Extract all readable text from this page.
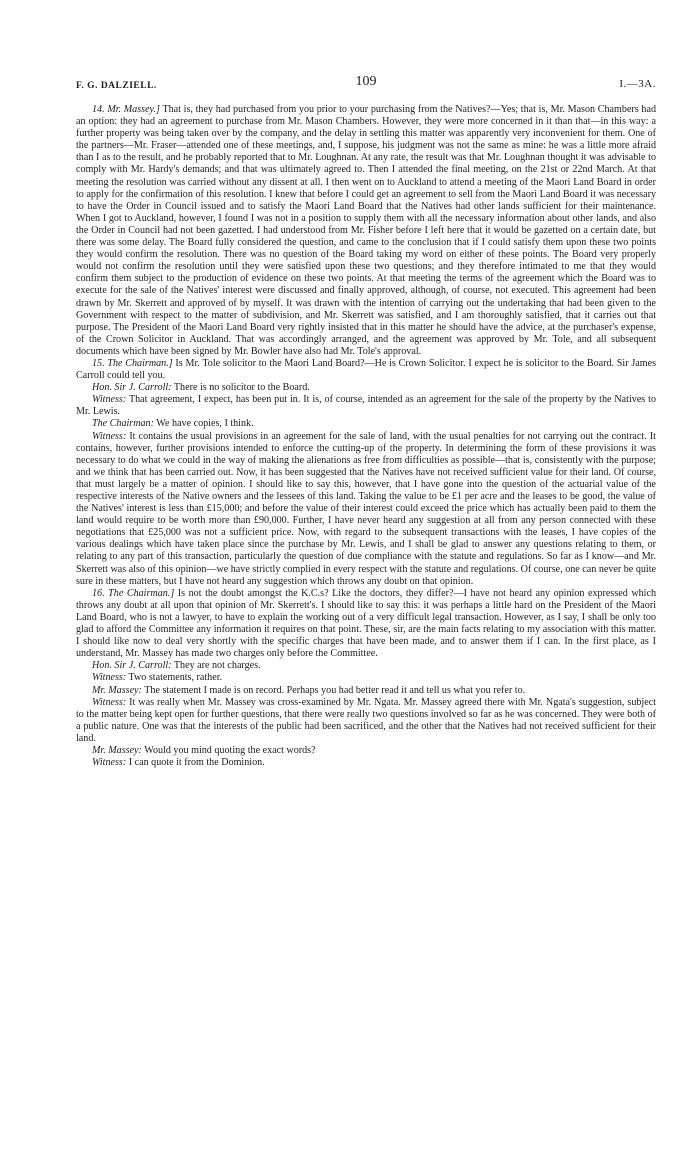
F. G. DALZIELL.	109	I.—3A.

14. Mr. Massey.] That is, they had purchased from you prior to your purchasing from the Natives?—Yes; that is, Mr. Mason Chambers had an option: they had an agreement to purchase from Mr. Mason Chambers. However, they were more concerned in it than that—in this way: a further property was being taken over by the company, and the delay in settling this matter was apparently very inconvenient for them. One of the partners—Mr. Fraser—attended one of these meetings, and, I suppose, his judgment was not the same as mine: he was a little more afraid than I as to the result, and he probably reported that to Mr. Loughnan. At any rate, the result was that Mr. Loughnan thought it was advisable to comply with Mr. Hardy's demands; and that was ultimately agreed to. Then I attended the final meeting, on the 21st or 22nd March. At that meeting the resolution was carried without any dissent at all. I then went on to Auckland to attend a meeting of the Maori Land Board in order to apply for the confirmation of this resolution. I knew that before I could get an agreement to sell from the Maori Land Board it was necessary to have the Order in Council issued and to satisfy the Maori Land Board that the Natives had other lands sufficient for their maintenance. When I got to Auckland, however, I found I was not in a position to supply them with all the necessary information about other lands, and also the Order in Council had not been gazetted. I had understood from Mr. Fisher before I left here that it would be gazetted on a certain date, but there was some delay. The Board fully considered the question, and came to the conclusion that if I could satisfy them upon these two points they would confirm the resolution. There was no question of the Board taking my word on either of these points. The Board very properly would not confirm the resolution until they were satisfied upon these two questions; and they therefore intimated to me that they would confirm them subject to the production of evidence on these two points. At that meeting the terms of the agreement which the Board was to execute for the sale of the Natives' interest were discussed and finally approved, although, of course, not executed. This agreement had been drawn by Mr. Skerrett and approved of by myself. It was drawn with the intention of carrying out the undertaking that had been given to the Government with respect to the matter of subdivision, and Mr. Skerrett was satisfied, and I am thoroughly satisfied, that it carries out that purpose. The President of the Maori Land Board very rightly insisted that in this matter he should have the advice, at the purchaser's expense, of the Crown Solicitor in Auckland. That was accordingly arranged, and the agreement was approved by Mr. Tole, and all subsequent documents which have been signed by Mr. Bowler have also had Mr. Tole's approval.

15. The Chairman.] Is Mr. Tole solicitor to the Maori Land Board?—He is Crown Solicitor. I expect he is solicitor to the Board. Sir James Carroll could tell you.

Hon. Sir J. Carroll: There is no solicitor to the Board.

Witness: That agreement, I expect, has been put in. It is, of course, intended as an agreement for the sale of the property by the Natives to Mr. Lewis.

The Chairman: We have copies, I think.

Witness: It contains the usual provisions in an agreement for the sale of land, with the usual penalties for not carrying out the contract. It contains, however, further provisions intended to enforce the cutting-up of the property. In determining the form of these provisions it was necessary to do what we could in the way of making the alienations as free from difficulties as possible—that is, consistently with the purpose; and we think that has been carried out. Now, it has been suggested that the Natives have not received sufficient value for their land. Of course, that must largely be a matter of opinion. I should like to say this, however, that I have gone into the question of the actuarial value of the respective interests of the Native owners and the lessees of this land. Taking the value to be £1 per acre and the leases to be good, the value of the Natives' interest is less than £15,000; and before the value of their interest could exceed the price which has actually been paid to them the land would require to be worth more than £90,000. Further, I have never heard any suggestion at all from any person connected with these negotiations that £25,000 was not a sufficient price. Now, with regard to the subsequent transactions with the leases, I have copies of the various dealings which have taken place since the purchase by Mr. Lewis, and I shall be glad to answer any questions relating to them, or relating to any part of this transaction, particularly the question of due compliance with the statute and regulations. So far as I know—and Mr. Skerrett was also of this opinion—we have strictly complied in every respect with the statute and regulations. Of course, one can never be quite sure in these matters, but I have not heard any suggestion which throws any doubt on that opinion.

16. The Chairman.] Is not the doubt amongst the K.C.s? Like the doctors, they differ?—I have not heard any opinion expressed which throws any doubt at all upon that opinion of Mr. Skerrett's. I should like to say this: it was perhaps a little hard on the President of the Maori Land Board, who is not a lawyer, to have to explain the working out of a very difficult legal transaction. However, as I say, I shall be only too glad to afford the Committee any information it requires on that point. These, sir, are the main facts relating to my association with this matter. I should like now to deal very shortly with the specific charges that have been made, and to answer them if I can. In the first place, as I understand, Mr. Massey has made two charges only before the Committee.

Hon. Sir J. Carroll: They are not charges.

Witness: Two statements, rather.

Mr. Massey: The statement I made is on record. Perhaps you had better read it and tell us what you refer to.

Witness: It was really when Mr. Massey was cross-examined by Mr. Ngata. Mr. Massey agreed there with Mr. Ngata's suggestion, subject to the matter being kept open for further questions, that there were really two questions involved so far as he was concerned. They were both of a public nature. One was that the interests of the public had been sacrificed, and the other that the Natives had not received sufficient for their land.

Mr. Massey: Would you mind quoting the exact words?

Witness: I can quote it from the Dominion.
